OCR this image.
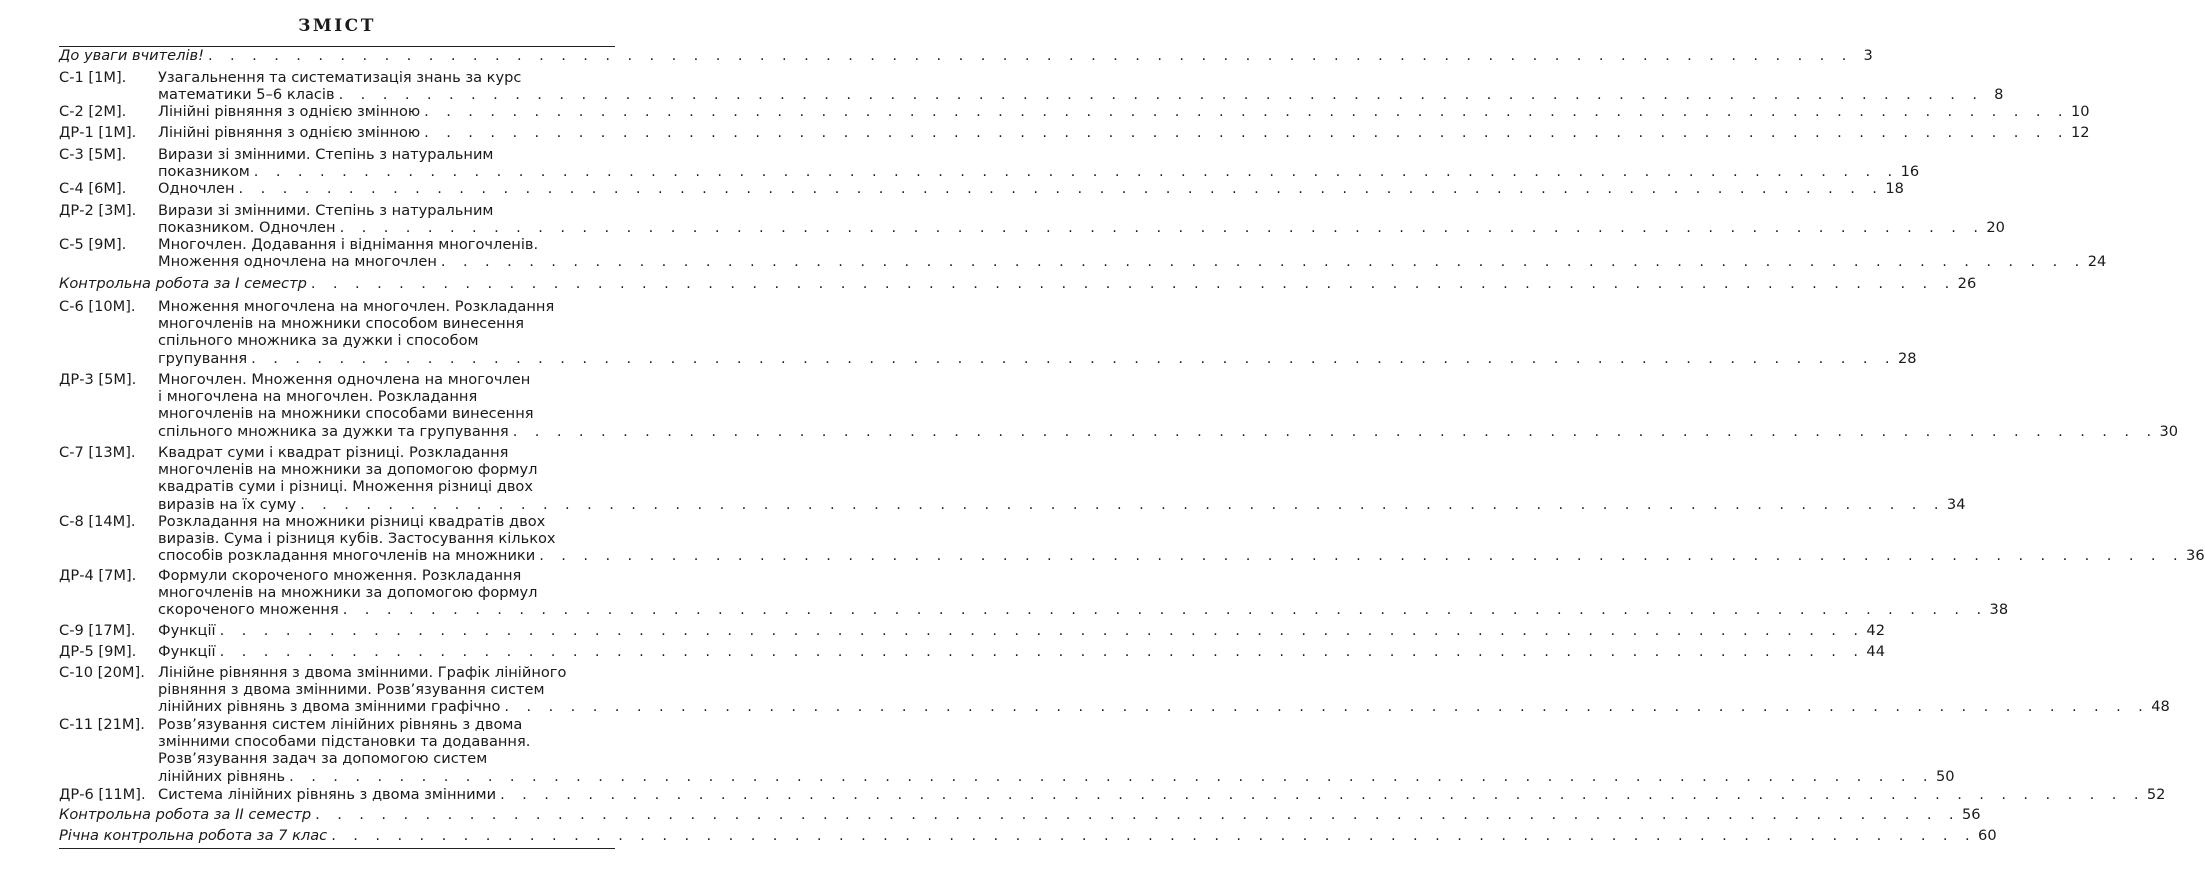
ЗМІСТ
До уваги вчителів! . . . . . . . . . . . . . . . . . . . . . . . . . . . . . . . . . . . . . . . . . . . . . . . . . . . . . . . . . . . . . . . . . . . . . . . . . . . 3
С-1 [1М]. Узагальнення та систематизація знань за курс
математики 5–6 класів . . . . . . . . . . . . . . . . . . . . . . . . . . . . . . . . . . . . . . . . . . . . . . . . . . . . . . . . . . . . . . . . . . . . . . . . . . . 8
С-2 [2М]. Лінійні рівняння з однією змінною . . . . . . . . . . . . . . . . . . . . . . . . . . . . . . . . . . . . . . . . . . . . . . . . . . . . . . . . . . . . . . . . . . . . . . . . . . . 10
ДР-1 [1М]. Лінійні рівняння з однією змінною . . . . . . . . . . . . . . . . . . . . . . . . . . . . . . . . . . . . . . . . . . . . . . . . . . . . . . . . . . . . . . . . . . . . . . . . . . . 12
С-3 [5М]. Вирази зі змінними. Степінь з натуральним
показником . . . . . . . . . . . . . . . . . . . . . . . . . . . . . . . . . . . . . . . . . . . . . . . . . . . . . . . . . . . . . . . . . . . . . . . . . . . 16
С-4 [6М]. Одночлен . . . . . . . . . . . . . . . . . . . . . . . . . . . . . . . . . . . . . . . . . . . . . . . . . . . . . . . . . . . . . . . . . . . . . . . . . . . 18
ДР-2 [3М]. Вирази зі змінними. Степінь з натуральним
показником. Одночлен . . . . . . . . . . . . . . . . . . . . . . . . . . . . . . . . . . . . . . . . . . . . . . . . . . . . . . . . . . . . . . . . . . . . . . . . . . . 20
С-5 [9М]. Многочлен. Додавання і віднімання многочленів.
Множення одночлена на многочлен . . . . . . . . . . . . . . . . . . . . . . . . . . . . . . . . . . . . . . . . . . . . . . . . . . . . . . . . . . . . . . . . . . . . . . . . . . . 24
Контрольна робота за I семестр . . . . . . . . . . . . . . . . . . . . . . . . . . . . . . . . . . . . . . . . . . . . . . . . . . . . . . . . . . . . . . . . . . . . . . . . . . . 26
С-6 [10М]. Множення многочлена на многочлен. Розкладання
многочленів на множники способом винесення
спільного множника за дужки і способом
групування . . . . . . . . . . . . . . . . . . . . . . . . . . . . . . . . . . . . . . . . . . . . . . . . . . . . . . . . . . . . . . . . . . . . . . . . . . . 28
ДР-3 [5М]. Многочлен. Множення одночлена на многочлен
і многочлена на многочлен. Розкладання
многочленів на множники способами винесення
спільного множника за дужки та групування . . . . . . . . . . . . . . . . . . . . . . . . . . . . . . . . . . . . . . . . . . . . . . . . . . . . . . . . . . . . . . . . . . . . . . . . . . . 30
С-7 [13М]. Квадрат суми і квадрат різниці. Розкладання
многочленів на множники за допомогою формул
квадратів суми і різниці. Множення різниці двох
виразів на їх суму . . . . . . . . . . . . . . . . . . . . . . . . . . . . . . . . . . . . . . . . . . . . . . . . . . . . . . . . . . . . . . . . . . . . . . . . . . . 34
С-8 [14М]. Розкладання на множники різниці квадратів двох
виразів. Сума і різниця кубів. Застосування кількох
способів розкладання многочленів на множники . . . . . . . . . . . . . . . . . . . . . . . . . . . . . . . . . . . . . . . . . . . . . . . . . . . . . . . . . . . . . . . . . . . . . . . . . . . 36
ДР-4 [7М]. Формули скороченого множення. Розкладання
многочленів на множники за допомогою формул
скороченого множення . . . . . . . . . . . . . . . . . . . . . . . . . . . . . . . . . . . . . . . . . . . . . . . . . . . . . . . . . . . . . . . . . . . . . . . . . . . 38
С-9 [17М]. Функції . . . . . . . . . . . . . . . . . . . . . . . . . . . . . . . . . . . . . . . . . . . . . . . . . . . . . . . . . . . . . . . . . . . . . . . . . . . 42
ДР-5 [9М]. Функції . . . . . . . . . . . . . . . . . . . . . . . . . . . . . . . . . . . . . . . . . . . . . . . . . . . . . . . . . . . . . . . . . . . . . . . . . . . 44
С-10 [20М]. Лінійне рівняння з двома змінними. Графік лінійного
рівняння з двома змінними. Розв’язування систем
лінійних рівнянь з двома змінними графічно . . . . . . . . . . . . . . . . . . . . . . . . . . . . . . . . . . . . . . . . . . . . . . . . . . . . . . . . . . . . . . . . . . . . . . . . . . . 48
С-11 [21М]. Розв’язування систем лінійних рівнянь з двома
змінними способами підстановки та додавання.
Розв’язування задач за допомогою систем
лінійних рівнянь . . . . . . . . . . . . . . . . . . . . . . . . . . . . . . . . . . . . . . . . . . . . . . . . . . . . . . . . . . . . . . . . . . . . . . . . . . . 50
ДР-6 [11М]. Система лінійних рівнянь з двома змінними . . . . . . . . . . . . . . . . . . . . . . . . . . . . . . . . . . . . . . . . . . . . . . . . . . . . . . . . . . . . . . . . . . . . . . . . . . . 52
Контрольна робота за II семестр . . . . . . . . . . . . . . . . . . . . . . . . . . . . . . . . . . . . . . . . . . . . . . . . . . . . . . . . . . . . . . . . . . . . . . . . . . . 56
Річна контрольна робота за 7 клас . . . . . . . . . . . . . . . . . . . . . . . . . . . . . . . . . . . . . . . . . . . . . . . . . . . . . . . . . . . . . . . . . . . . . . . . . . . 60
